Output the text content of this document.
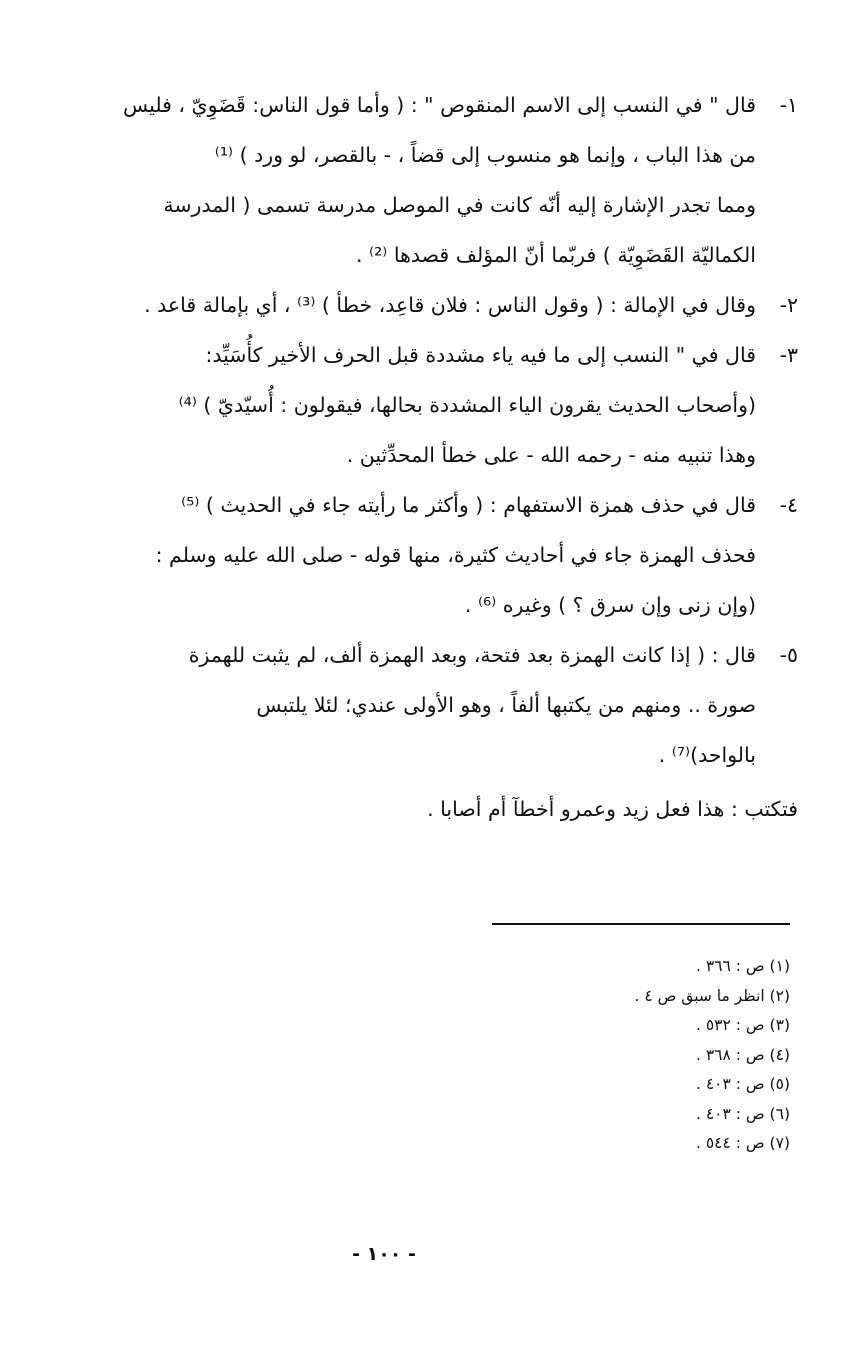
١-
قال " في النسب إلى الاسم المنقوص " : ( وأما قول الناس: قَضَوِيّ ، فليس
من هذا الباب ، وإنما هو منسوب إلى قضاً ، - بالقصر، لو ورد ) ⁽¹⁾
ومما تجدر الإشارة إليه أنّه كانت في الموصل مدرسة تسمى ( المدرسة
الكماليّة القَضَوِيّة ) فربّما أنّ المؤلف قصدها ⁽²⁾ .
٢-
وقال في الإمالة : ( وقول الناس : فلان قاعِد، خطأ ) ⁽³⁾ ، أي بإمالة قاعد .
٣-
قال في " النسب إلى ما فيه ياء مشددة قبل الحرف الأخير كأُسَيِّد:
(وأصحاب الحديث يقرون الياء المشددة بحالها، فيقولون : أُسيّديّ ) ⁽⁴⁾
وهذا تنبيه منه - رحمه الله - على خطأ المحدِّثين .
٤-
قال في حذف همزة الاستفهام : ( وأكثر ما رأيته جاء في الحديث ) ⁽⁵⁾
فحذف الهمزة جاء في أحاديث كثيرة، منها قوله - صلى الله عليه وسلم :
(وإن زنى وإن سرق ؟ ) وغيره ⁽⁶⁾ .
٥-
قال : ( إذا كانت الهمزة بعد فتحة، وبعد الهمزة ألف، لم يثبت للهمزة
صورة .. ومنهم من يكتبها ألفاً ، وهو الأولى عندي؛ لئلا يلتبس
بالواحد)⁽⁷⁾ .
فتكتب : هذا فعل زيد وعمرو أخطآ أم أصابا .
(١) ص : ٣٦٦ .
(٢) انظر ما سبق ص ٤ .
(٣) ص : ٥٣٢ .
(٤) ص : ٣٦٨ .
(٥) ص : ٤٠٣ .
(٦) ص : ٤٠٣ .
(٧) ص : ٥٤٤ .
- ١٠٠ -
